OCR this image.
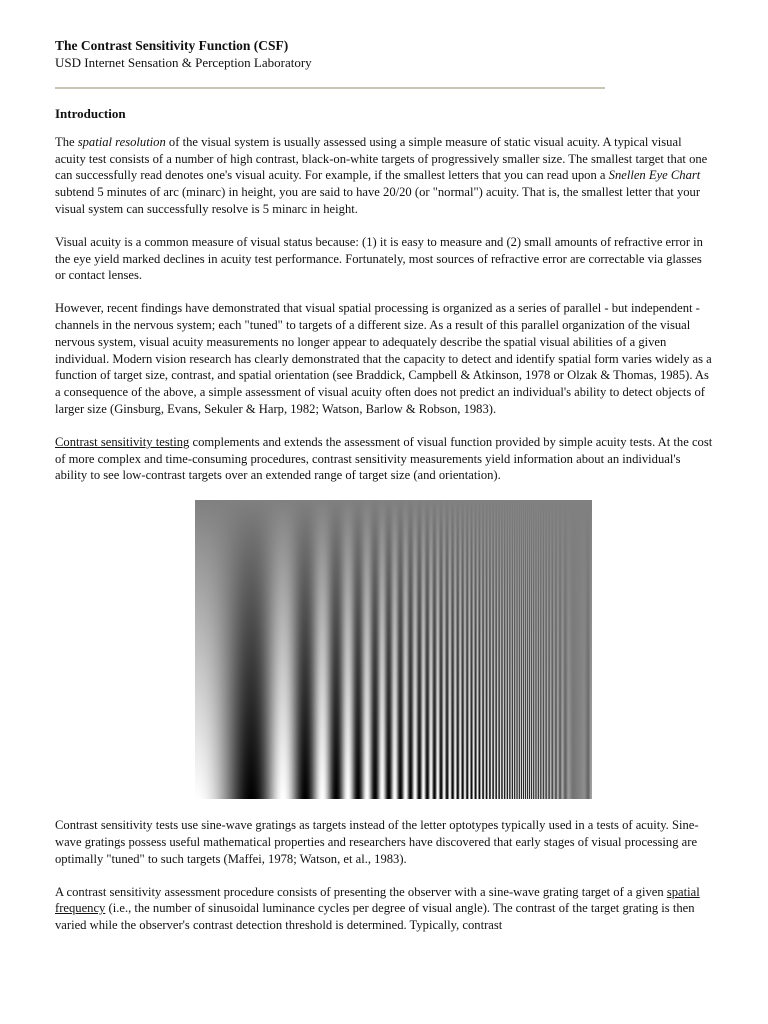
The Contrast Sensitivity Function (CSF)
USD Internet Sensation & Perception Laboratory
Introduction

The spatial resolution of the visual system is usually assessed using a simple measure of static visual acuity. A typical visual acuity test consists of a number of high contrast, black-on-white targets of progressively smaller size. The smallest target that one can successfully read denotes one's visual acuity. For example, if the smallest letters that you can read upon a Snellen Eye Chart subtend 5 minutes of arc (minarc) in height, you are said to have 20/20 (or "normal") acuity. That is, the smallest letter that your visual system can successfully resolve is 5 minarc in height.

Visual acuity is a common measure of visual status because: (1) it is easy to measure and (2) small amounts of refractive error in the eye yield marked declines in acuity test performance. Fortunately, most sources of refractive error are correctable via glasses or contact lenses.

However, recent findings have demonstrated that visual spatial processing is organized as a series of parallel - but independent - channels in the nervous system; each "tuned" to targets of a different size. As a result of this parallel organization of the visual nervous system, visual acuity measurements no longer appear to adequately describe the spatial visual abilities of a given individual. Modern vision research has clearly demonstrated that the capacity to detect and identify spatial form varies widely as a function of target size, contrast, and spatial orientation (see Braddick, Campbell & Atkinson, 1978 or Olzak & Thomas, 1985). As a consequence of the above, a simple assessment of visual acuity often does not predict an individual's ability to detect objects of larger size (Ginsburg, Evans, Sekuler & Harp, 1982; Watson, Barlow & Robson, 1983).

Contrast sensitivity testing complements and extends the assessment of visual function provided by simple acuity tests. At the cost of more complex and time-consuming procedures, contrast sensitivity measurements yield information about an individual's ability to see low-contrast targets over an extended range of target size (and orientation).

Contrast sensitivity tests use sine-wave gratings as targets instead of the letter optotypes typically used in a tests of acuity. Sine-wave gratings possess useful mathematical properties and researchers have discovered that early stages of visual processing are optimally "tuned" to such targets (Maffei, 1978; Watson, et al., 1983).

A contrast sensitivity assessment procedure consists of presenting the observer with a sine-wave grating target of a given spatial frequency (i.e., the number of sinusoidal luminance cycles per degree of visual angle). The contrast of the target grating is then varied while the observer's contrast detection threshold is determined. Typically, contrast
